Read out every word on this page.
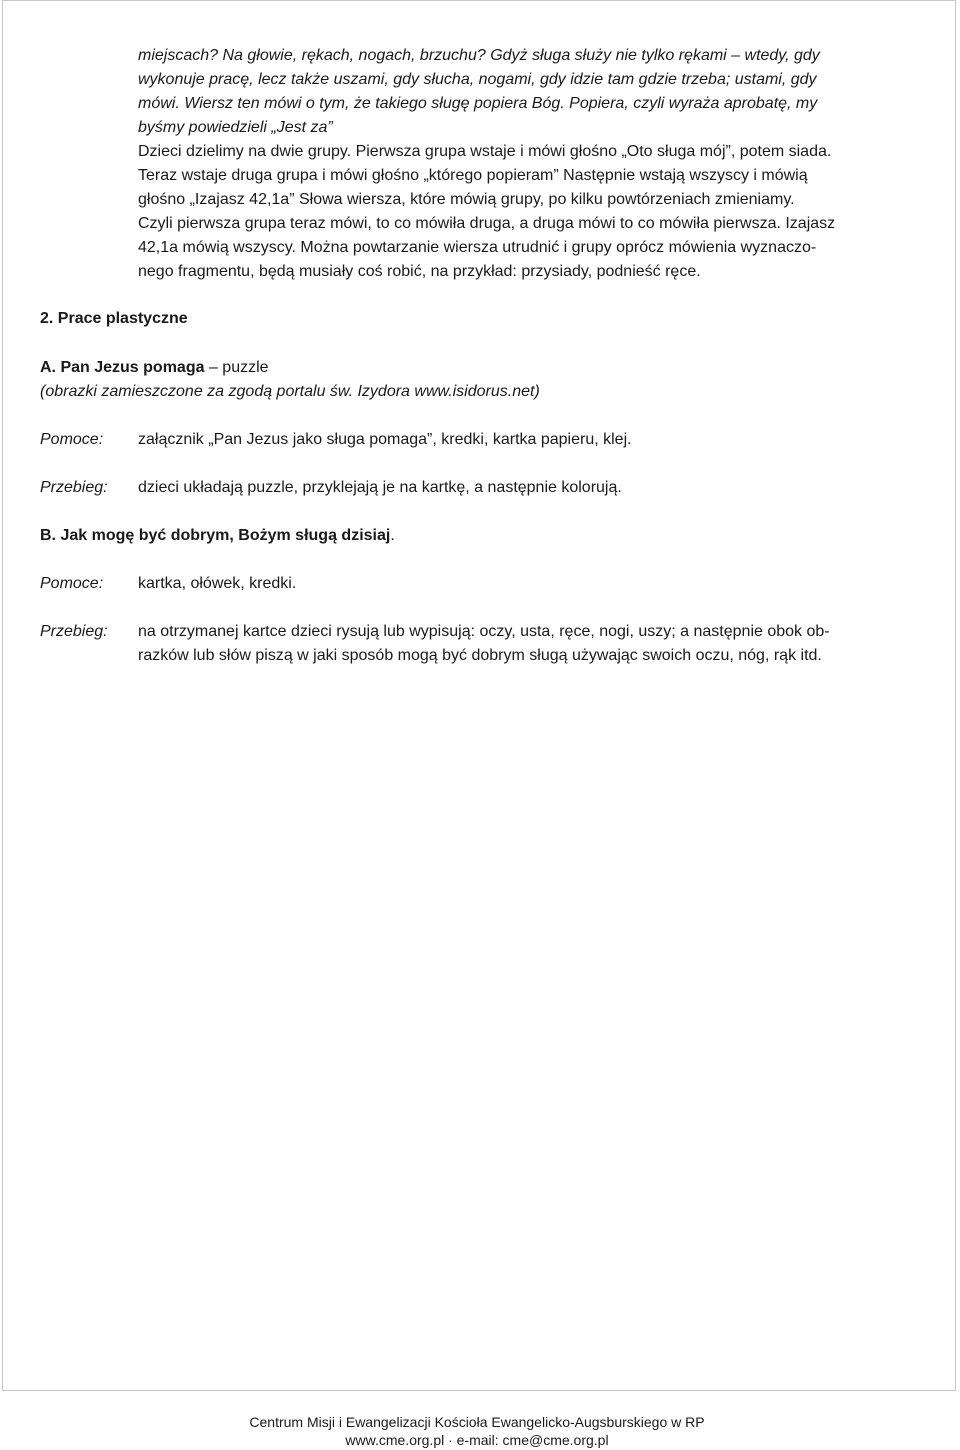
miejscach? Na głowie, rękach, nogach, brzuchu? Gdyż sługa służy nie tylko rękami – wtedy, gdy
wykonuje pracę, lecz także uszami, gdy słucha, nogami, gdy idzie tam gdzie trzeba; ustami, gdy
mówi. Wiersz ten mówi o tym, że takiego sługę popiera Bóg. Popiera, czyli wyraża aprobatę, my
byśmy powiedzieli „Jest za”
Dzieci dzielimy na dwie grupy. Pierwsza grupa wstaje i mówi głośno „Oto sługa mój”, potem siada.
Teraz wstaje druga grupa i mówi głośno „którego popieram” Następnie wstają wszyscy i mówią
głośno „Izajasz 42,1a” Słowa wiersza, które mówią grupy, po kilku powtórzeniach zmieniamy.
Czyli pierwsza grupa teraz mówi, to co mówiła druga, a druga mówi to co mówiła pierwsza. Izajasz
42,1a mówią wszyscy. Można powtarzanie wiersza utrudnić i grupy oprócz mówienia wyznaczo-
nego fragmentu, będą musiały coś robić, na przykład: przysiady, podnieść ręce.
2. Prace plastyczne
A. Pan Jezus pomaga – puzzle
(obrazki zamieszczone za zgodą portalu św. Izydora www.isidorus.net)
Pomoce: załącznik „Pan Jezus jako sługa pomaga”, kredki, kartka papieru, klej.
Przebieg: dzieci układają puzzle, przyklejają je na kartkę, a następnie kolorują.
B. Jak mogę być dobrym, Bożym sługą dzisiaj.
Pomoce: kartka, ołówek, kredki.
Przebieg: na otrzymanej kartce dzieci rysują lub wypisują: oczy, usta, ręce, nogi, uszy; a następnie obok ob-
razków lub słów piszą w jaki sposób mogą być dobrym sługą używając swoich oczu, nóg, rąk itd.
Centrum Misji i Ewangelizacji Kościoła Ewangelicko-Augsburskiego w RP
www.cme.org.pl · e-mail: cme@cme.org.pl
